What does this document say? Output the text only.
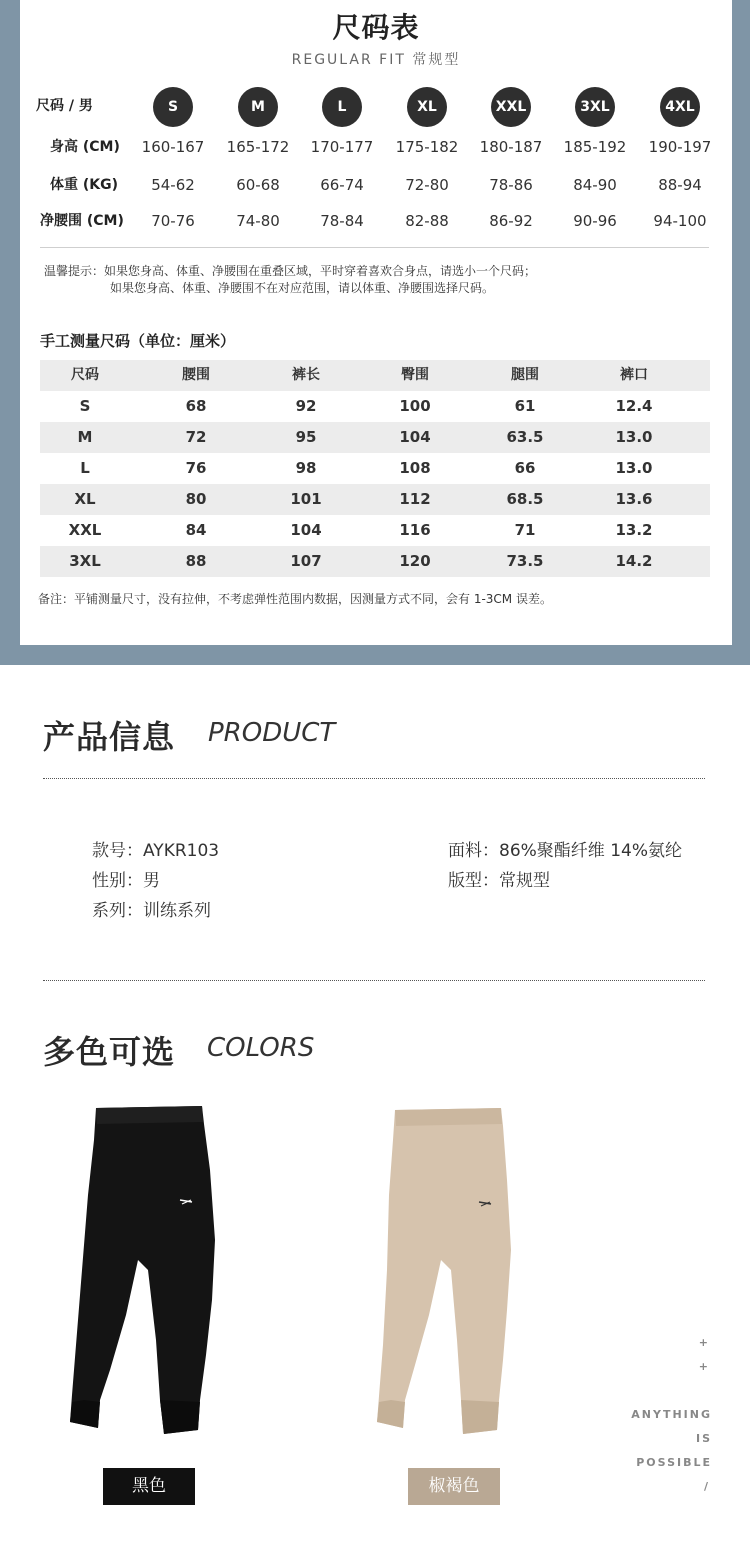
尺码表
REGULAR FIT 常规型
尺码 / 男	S	M	L	XL	XXL	3XL	4XL
身高 (CM)	160-167	165-172	170-177	175-182	180-187	185-192	190-197
体重 (KG)	54-62	60-68	66-74	72-80	78-86	84-90	88-94
净腰围 (CM)	70-76	74-80	78-84	82-88	86-92	90-96	94-100
温馨提示：如果您身高、体重、净腰围在重叠区域，平时穿着喜欢合身点，请选小一个尺码；
如果您身高、体重、净腰围不在对应范围，请以体重、净腰围选择尺码。
手工测量尺码（单位：厘米）
尺码	腰围	裤长	臀围	腿围	裤口
S	68	92	100	61	12.4
M	72	95	104	63.5	13.0
L	76	98	108	66	13.0
XL	80	101	112	68.5	13.6
XXL	84	104	116	71	13.2
3XL	88	107	120	73.5	14.2
备注：平铺测量尺寸，没有拉伸，不考虑弹性范围内数据，因测量方式不同，会有 1-3CM 误差。
产品信息 PRODUCT
款号：AYKR103
性别：男
系列：训练系列
面料：86%聚酯纤维 14%氨纶
版型：常规型
多色可选 COLORS
黑色	椒褐色
+
+
ANYTHING
IS
POSSIBLE
/
